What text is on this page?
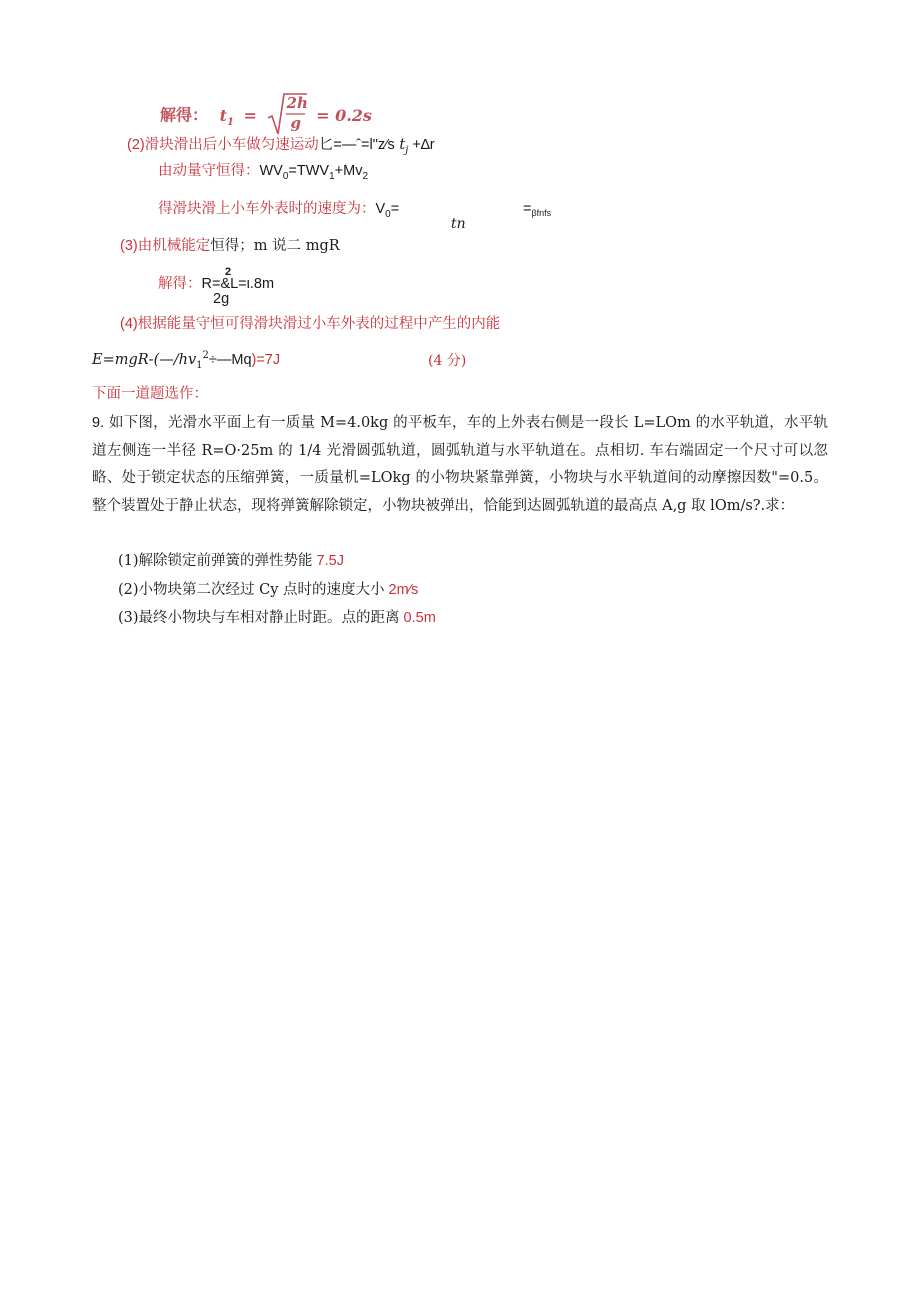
解得： $t_1$ =
2h
g = 0.2s
(2)滑块滑出后小车做匀速运动匕=—ˆ=l"z∕s $t_j +\Delta r$
由动量守恒得：$WV_0=TWV_1+Mv_2$
得滑块滑上小车外表时的速度为：$V_0=$	$=_{\beta fnfs}$
tn
(3)由机械能定恒得；m 说二 mgR
2
解得：R=&L=ι.8m
2g
(4)根据能量守恒可得滑块滑过小车外表的过程中产生的内能
$E=mgR-(—∕hv_1^2\div—Mq)=7J$	(4 分)
下面一道题选作：
9. 如下图，光滑水平面上有一质量 M=4.0kg 的平板车，车的上外表右侧是一段长 L=LOm 的水平轨道，水平轨道左侧连一半径 R=O·25m 的 1/4 光滑圆弧轨道，圆弧轨道与水平轨道在。点相切. 车右端固定一个尺寸可以忽略、处于锁定状态的压缩弹簧，一质量机=LOkg 的小物块紧靠弹簧，小物块与水平轨道间的动摩擦因数"=0.5。整个装置处于静止状态，现将弹簧解除锁定，小物块被弹出，恰能到达圆弧轨道的最高点 A,g 取 lOm/s?.求：
(1)解除锁定前弹簧的弹性势能 7.5J
(2)小物块第二次经过 Cy 点时的速度大小 2m∕s
(3)最终小物块与车相对静止时距。点的距离 0.5m
